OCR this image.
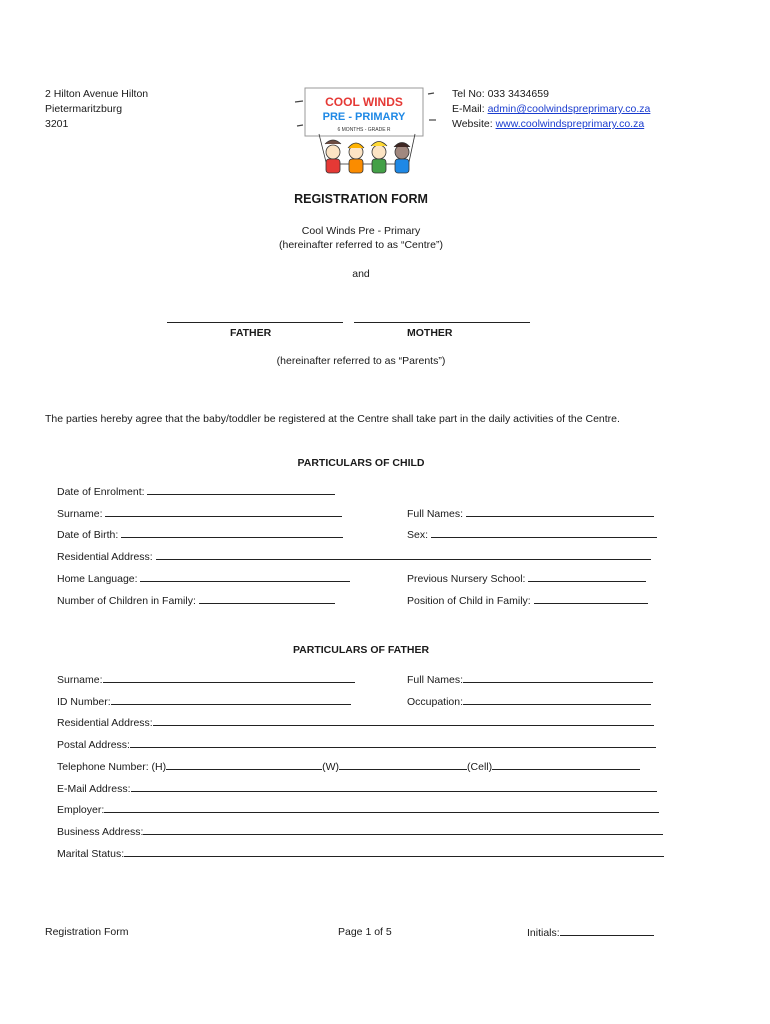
2 Hilton Avenue Hilton
Pietermaritzburg
3201
COOL WINDS
PRE - PRIMARY
6 MONTHS - GRADE R
Tel No: 033 3434659
E-Mail: admin@coolwindspreprimary.co.za
Website: www.coolwindspreprimary.co.za
REGISTRATION FORM
Cool Winds Pre - Primary
(hereinafter referred to as “Centre”)
and
FATHER	MOTHER
(hereinafter referred to as “Parents”)
The parties hereby agree that the baby/toddler be registered at the Centre shall take part in the daily activities of the Centre.
PARTICULARS OF CHILD
Date of Enrolment:
Surname:	Full Names:
Date of Birth:	Sex:
Residential Address:
Home Language:	Previous Nursery School:
Number of Children in Family:	Position of Child in Family:
PARTICULARS OF FATHER
Surname:	Full Names:
ID Number:	Occupation:
Residential Address:
Postal Address:
Telephone Number: (H)	(W)	(Cell)
E-Mail Address:
Employer:
Business Address:
Marital Status:
Registration Form	Page 1 of 5	Initials:
